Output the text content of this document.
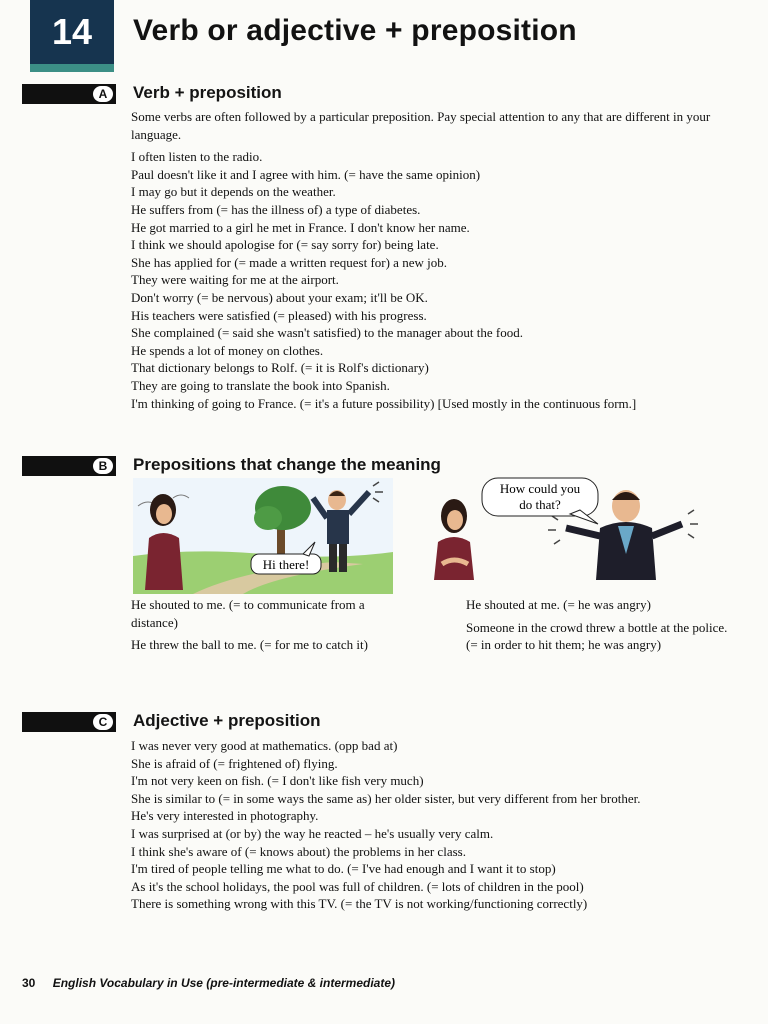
14	Verb or adjective + preposition
A	Verb + preposition

Some verbs are often followed by a particular preposition. Pay special attention to any that are different in your language.

I often listen to the radio.

Paul doesn't like it and I agree with him. (= have the same opinion)

I may go but it depends on the weather.

He suffers from (= has the illness of) a type of diabetes.

He got married to a girl he met in France. I don't know her name.

I think we should apologise for (= say sorry for) being late.

She has applied for (= made a written request for) a new job.

They were waiting for me at the airport.

Don't worry (= be nervous) about your exam; it'll be OK.

His teachers were satisfied (= pleased) with his progress.

She complained (= said she wasn't satisfied) to the manager about the food.

He spends a lot of money on clothes.

That dictionary belongs to Rolf. (= it is Rolf's dictionary)

They are going to translate the book into Spanish.

I'm thinking of going to France. (= it's a future possibility) [Used mostly in the continuous form.]

B	Prepositions that change the meaning
Hi there!
How could you
do that?

He shouted to me. (= to communicate from a distance)

He threw the ball to me. (= for me to catch it)

He shouted at me. (= he was angry)

Someone in the crowd threw a bottle at the police. (= in order to hit them; he was angry)

C	Adjective + preposition

I was never very good at mathematics. (opp bad at)

She is afraid of (= frightened of) flying.

I'm not very keen on fish. (= I don't like fish very much)

She is similar to (= in some ways the same as) her older sister, but very different from her brother.

He's very interested in photography.

I was surprised at (or by) the way he reacted – he's usually very calm.

I think she's aware of (= knows about) the problems in her class.

I'm tired of people telling me what to do. (= I've had enough and I want it to stop)

As it's the school holidays, the pool was full of children. (= lots of children in the pool)

There is something wrong with this TV. (= the TV is not working/functioning correctly)

30 English Vocabulary in Use (pre-intermediate & intermediate)
